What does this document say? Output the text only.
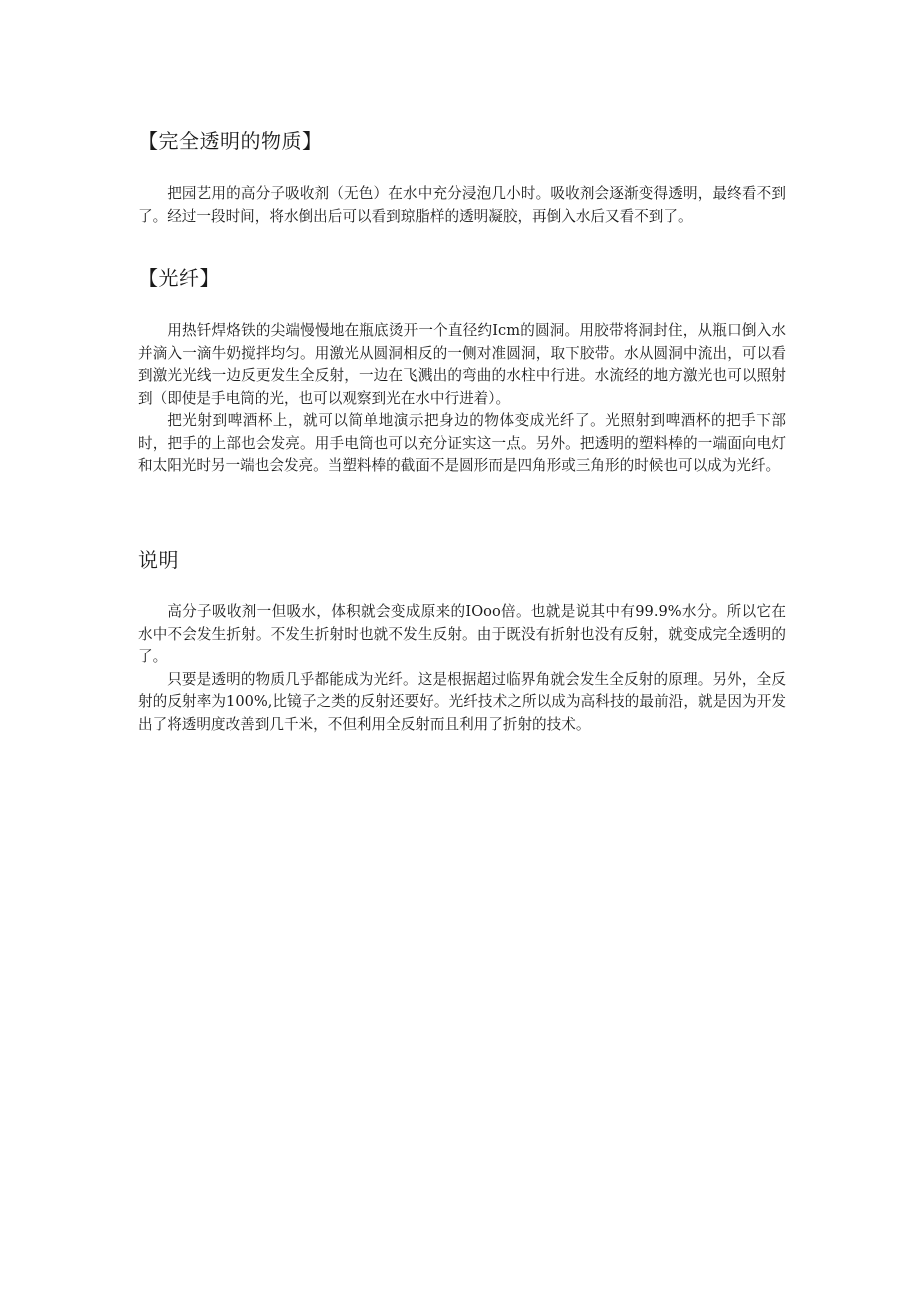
【完全透明的物质】

把园艺用的高分子吸收剂（无色）在水中充分浸泡几小时。吸收剂会逐渐变得透明，最终看不到了。经过一段时间，将水倒出后可以看到琼脂样的透明凝胶，再倒入水后又看不到了。

【光纤】

用热钎焊烙铁的尖端慢慢地在瓶底烫开一个直径约Icm的圆洞。用胶带将洞封住，从瓶口倒入水并滴入一滴牛奶搅拌均匀。用激光从圆洞相反的一侧对准圆洞，取下胶带。水从圆洞中流出，可以看到激光光线一边反更发生全反射，一边在飞溅出的弯曲的水柱中行进。水流经的地方激光也可以照射到（即使是手电筒的光，也可以观察到光在水中行进着）。

把光射到啤酒杯上，就可以简单地演示把身边的物体变成光纤了。光照射到啤酒杯的把手下部时，把手的上部也会发亮。用手电筒也可以充分证实这一点。另外。把透明的塑料棒的一端面向电灯和太阳光时另一端也会发亮。当塑料棒的截面不是圆形而是四角形或三角形的时候也可以成为光纤。

说明

高分子吸收剂一但吸水，体积就会变成原来的IOoo倍。也就是说其中有99.9%水分。所以它在水中不会发生折射。不发生折射时也就不发生反射。由于既没有折射也没有反射，就变成完全透明的了。

只要是透明的物质几乎都能成为光纤。这是根据超过临界角就会发生全反射的原理。另外，全反射的反射率为100%,比镜子之类的反射还要好。光纤技术之所以成为高科技的最前沿，就是因为开发出了将透明度改善到几千米，不但利用全反射而且利用了折射的技术。
